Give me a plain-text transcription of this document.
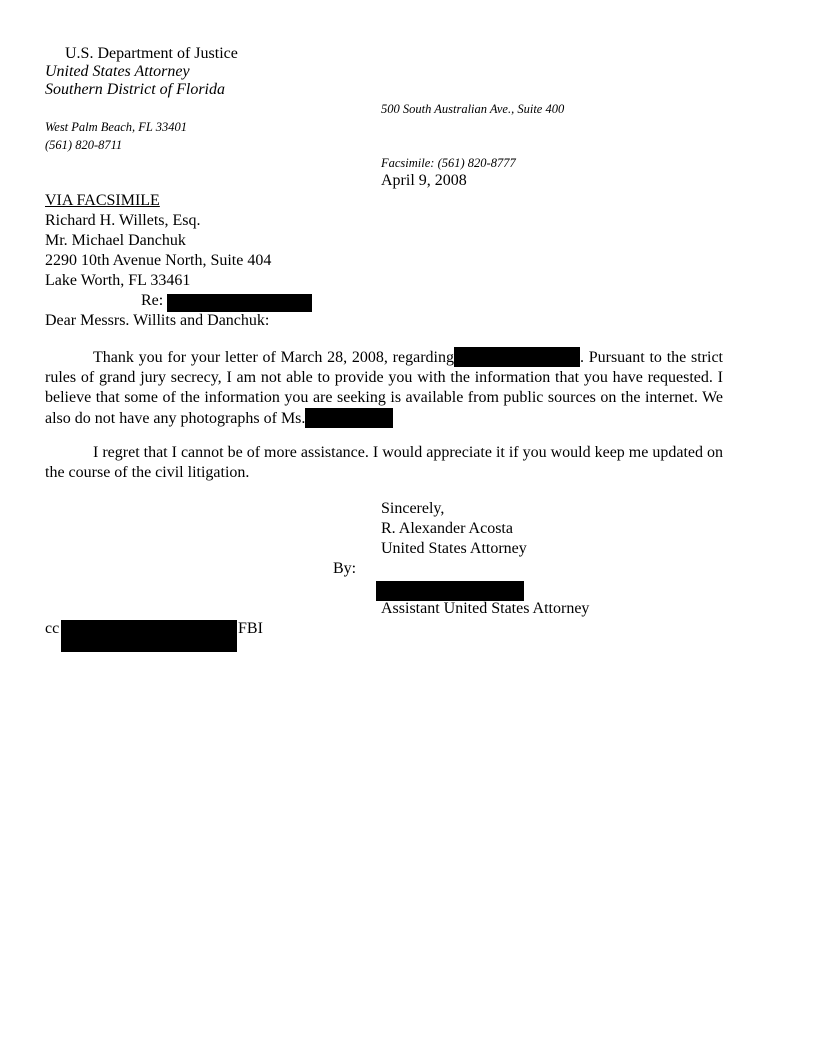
U.S. Department of Justice
United States Attorney
Southern District of Florida
500 South Australian Ave., Suite 400
West Palm Beach, FL 33401
(561) 820-8711
Facsimile: (561) 820-8777
April 9, 2008
VIA FACSIMILE
Richard H. Willets, Esq.
Mr. Michael Danchuk
2290 10th Avenue North, Suite 404
Lake Worth, FL 33461
Re:
Dear Messrs. Willits and Danchuk:

Thank you for your letter of March 28, 2008, regarding	. Pursuant to the strict rules of grand jury secrecy, I am not able to provide you with the information that you have requested. I believe that some of the information you are seeking is available from public sources on the internet. We also do not have any photographs of Ms.

I regret that I cannot be of more assistance. I would appreciate it if you would keep me updated on the course of the civil litigation.

Sincerely,
R. Alexander Acosta
United States Attorney
By:
Assistant United States Attorney
cc	FBI
